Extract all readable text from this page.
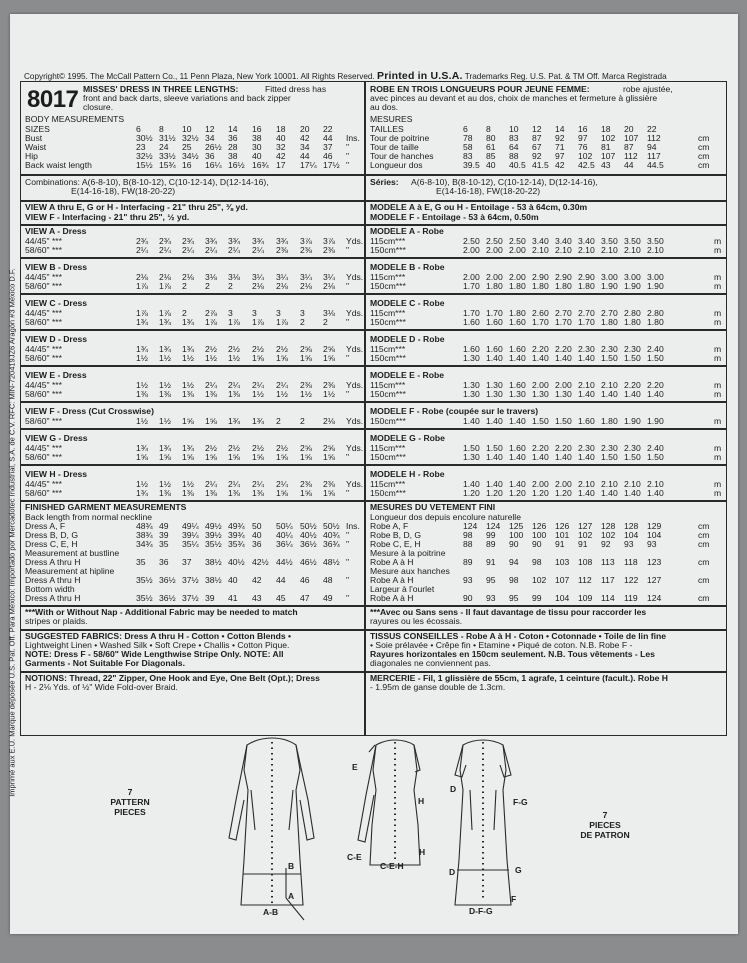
Copyright© 1995. The McCall Pattern Co., 11 Penn Plaza, New York 10001. All Rights Reserved. Printed in U.S.A. Trademarks Reg. U.S. Pat. & TM Off. Marca Registrada
Imprimé aux E.U. Marque déposée U.S. Pat. Off. Para México: Importado por Mercadotec Industrial, S.A. de C.V. RFC: MIN-720419JZ6 Aragón #3 México D.F.
8017 MISSES' DRESS IN THREE LENGTHS:	Fitted dress has
front and back darts, sleeve variations and back zipper
closure.
BODY MEASUREMENTS
SIZES	6 8 10 12 14 16 18 20 22
Bust	30½ 31½ 32½ 34 36 38 40 42 44 Ins.
Waist	23 24 25 26½ 28 30 32 34 37 "
Hip	32½ 33½ 34½ 36 38 40 42 44 46 "
Back waist length	15½ 15¾ 16 16¼ 16½ 16¾ 17 17¼ 17½ "
Combinations: A(6-8-10), B(8-10-12), C(10-12-14), D(12-14-16),
E(14-16-18), FW(18-20-22)
VIEW A thru E, G or H - Interfacing - 21" thru 25", ⅜ yd.
VIEW F - Interfacing - 21" thru 25", ½ yd.
VIEW A - Dress
44/45" ***	2¾ 2¾ 2¾ 3¾ 3¾ 3¾ 3¾ 3⅞ 3⅞ Yds.
58/60" ***	2¼ 2¼ 2¼ 2¼ 2¼ 2¼ 2⅜ 2⅜ 2⅜ "
VIEW B - Dress
44/45" ***	2⅛ 2⅛ 2⅛ 3⅛ 3⅛ 3¼ 3¼ 3¼ 3¼ Yds.
58/60" ***	1⅞ 1⅞ 2 2 2 2⅛ 2⅛ 2⅛ 2⅛ "
VIEW C - Dress
44/45" ***	1⅞ 1⅞ 2 2⅞ 3 3 3 3 3⅛ Yds.
58/60" ***	1¾ 1¾ 1¾ 1⅞ 1⅞ 1⅞ 1⅞ 2 2 "
VIEW D - Dress
44/45" ***	1¾ 1¾ 1¾ 2½ 2½ 2½ 2½ 2⅝ 2⅝ Yds.
58/60" ***	1½ 1½ 1½ 1½ 1½ 1⅝ 1⅝ 1⅝ 1⅝ "
VIEW E - Dress
44/45" ***	1½ 1½ 1½ 2¼ 2¼ 2¼ 2¼ 2⅜ 2⅜ Yds.
58/60" ***	1⅜ 1⅜ 1⅜ 1⅜ 1⅜ 1½ 1½ 1½ 1½ "
VIEW F - Dress (Cut Crosswise)
58/60" ***	1½ 1½ 1⅝ 1⅝ 1¾ 1¾ 2 2 2⅛ Yds.
VIEW G - Dress
44/45" ***	1¾ 1¾ 1¾ 2½ 2½ 2½ 2½ 2⅝ 2⅝ Yds.
58/60" ***	1⅝ 1⅝ 1⅝ 1⅝ 1⅝ 1⅝ 1⅝ 1⅝ 1⅝ "
VIEW H - Dress
44/45" ***	1½ 1½ 1½ 2¼ 2¼ 2¼ 2¼ 2⅜ 2⅜ Yds.
58/60" ***	1¾ 1⅜ 1⅜ 1⅜ 1⅜ 1⅜ 1⅝ 1⅝ 1⅝ "
FINISHED GARMENT MEASUREMENTS
Back length from normal neckline
Dress A, F	48¾ 49 49¼ 49½ 49¾ 50 50¼ 50½ 50½ Ins.
Dress B, D, G	38¾ 39 39¼ 39½ 39¾ 40 40¼ 40½ 40¾ "
Dress C, E, H	34¾ 35 35¼ 35½ 35¾ 36 36¼ 36½ 36¾ "
Measurement at bustline
Dress A thru H	35 36 37 38½ 40½ 42½ 44½ 46½ 48½ "
Measurement at hipline
Dress A thru H	35½ 36½ 37½ 38½ 40 42 44 46 48 "
Bottom width
Dress A thru H	35½ 36½ 37½ 39 41 43 45 47 49 "
***With or Without Nap - Additional Fabric may be needed to match
stripes or plaids.
SUGGESTED FABRICS: Dress A thru H - Cotton • Cotton Blends •
Lightweight Linen • Washed Silk • Soft Crepe • Challis • Cotton Pique.
NOTE: Dress F - 58/60" Wide Lengthwise Stripe Only. NOTE: All
Garments - Not Suitable For Diagonals.
NOTIONS: Thread, 22" Zipper, One Hook and Eye, One Belt (Opt.); Dress
H - 2⅛ Yds. of ½" Wide Fold-over Braid.
ROBE EN TROIS LONGUEURS POUR JEUNE FEMME:	robe ajustée,
avec pinces au devant et au dos, choix de manches et fermeture à glissière
au dos.
MESURES
TAILLES	6 8 10 12 14 16 18 20 22
Tour de poitrine	78 80 83 87 92 97 102 107 112	cm
Tour de taille	58 61 64 67 71 76 81 87 94	cm
Tour de hanches	83 85 88 92 97 102 107 112 117	cm
Longueur dos	39.5 40 40.5 41.5 42 42.5 43 44 44.5	cm
Séries: A(6-8-10), B(8-10-12), C(10-12-14), D(12-14-16),
E(14-16-18), FW(18-20-22)
MODELE A à E, G ou H - Entoilage - 53 à 64cm, 0.30m
MODELE F - Entoilage - 53 à 64cm, 0.50m
MODELE A - Robe
115cm***	2.50 2.50 2.50 3.40 3.40 3.40 3.50 3.50 3.50	m
150cm***	2.00 2.00 2.00 2.10 2.10 2.10 2.10 2.10 2.10	m
MODELE B - Robe
115cm***	2.00 2.00 2.00 2.90 2.90 2.90 3.00 3.00 3.00	m
150cm***	1.70 1.80 1.80 1.80 1.80 1.80 1.90 1.90 1.90	m
MODELE C - Robe
115cm***	1.70 1.70 1.80 2.60 2.70 2.70 2.70 2.80 2.80	m
150cm***	1.60 1.60 1.60 1.70 1.70 1.70 1.80 1.80 1.80	m
MODELE D - Robe
115cm***	1.60 1.60 1.60 2.20 2.20 2.30 2.30 2.30 2.40	m
150cm***	1.30 1.40 1.40 1.40 1.40 1.40 1.50 1.50 1.50	m
MODELE E - Robe
115cm***	1.30 1.30 1.60 2.00 2.00 2.10 2.10 2.20 2.20	m
150cm***	1.30 1.30 1.30 1.30 1.30 1.40 1.40 1.40 1.40	m
MODELE F - Robe (coupée sur le travers)
150cm***	1.40 1.40 1.40 1.50 1.50 1.60 1.80 1.90 1.90	m
MODELE G - Robe
115cm***	1.50 1.50 1.60 2.20 2.20 2.30 2.30 2.30 2.40	m
150cm***	1.30 1.40 1.40 1.40 1.40 1.40 1.50 1.50 1.50	m
MODELE H - Robe
115cm***	1.40 1.40 1.40 2.00 2.00 2.10 2.10 2.10 2.10	m
150cm***	1.20 1.20 1.20 1.20 1.20 1.40 1.40 1.40 1.40	m
MESURES DU VETEMENT FINI
Longueur dos depuis encolure naturelle
Robe A, F	124 124 125 126 126 127 128 128 129	cm
Robe B, D, G	98 99 100 100 101 102 102 104 104	cm
Robe C, E, H	88 89 90 90 91 91 92 93 93	cm
Mesure à la poitrine
Robe A à H	89 91 94 98 103 108 113 118 123	cm
Mesure aux hanches
Robe A à H	93 95 98 102 107 112 117 122 127	cm
Largeur à l'ourlet
Robe A à H	90 93 95 99 104 109 114 119 124	cm
***Avec ou Sans sens - Il faut davantage de tissu pour raccorder les
rayures ou les écossais.
TISSUS CONSEILLES - Robe A à H - Coton • Cotonnade • Toile de lin fine
• Soie prélavée • Crêpe fin • Etamine • Piqué de coton. N.B. Robe F -
Rayures horizontales en 150cm seulement. N.B. Tous vêtements - Les
diagonales ne conviennent pas.
MERCERIE - Fil, 1 glissière de 55cm, 1 agrafe, 1 ceinture (facult.). Robe H
- 1.95m de ganse double de 1.3cm.
7
PATTERN
PIECES	7
PIECES
DE PATRON
B
A
A-B
E
H
C-E
C-E-H
H
F-G
D
D	G
F
D-F-G
